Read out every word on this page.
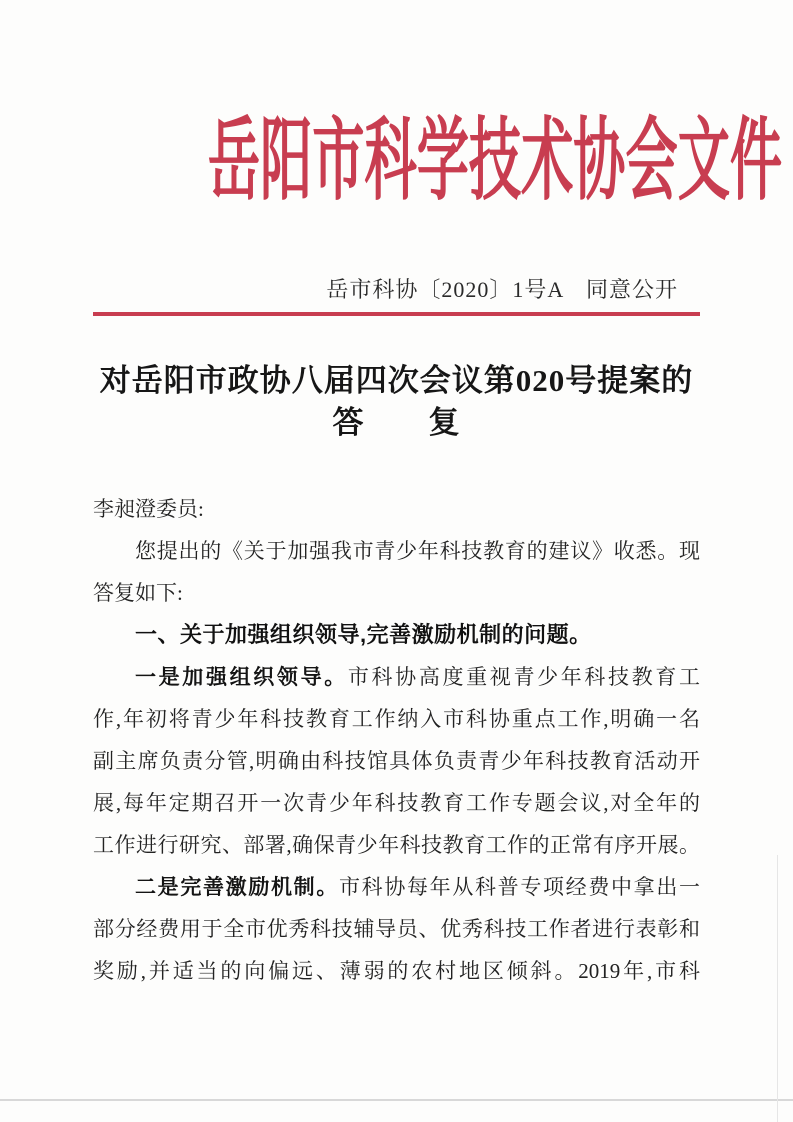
岳阳市科学技术协会文件
岳市科协〔2020〕1号A　同意公开
对岳阳市政协八届四次会议第020号提案的
答　　复
李昶澄委员:
您提出的《关于加强我市青少年科技教育的建议》收悉。现
答复如下:
一、关于加强组织领导,完善激励机制的问题。
一是加强组织领导。市科协高度重视青少年科技教育工
作,年初将青少年科技教育工作纳入市科协重点工作,明确一名
副主席负责分管,明确由科技馆具体负责青少年科技教育活动开
展,每年定期召开一次青少年科技教育工作专题会议,对全年的
工作进行研究、部署,确保青少年科技教育工作的正常有序开展。
二是完善激励机制。市科协每年从科普专项经费中拿出一
部分经费用于全市优秀科技辅导员、优秀科技工作者进行表彰和
奖励,并适当的向偏远、薄弱的农村地区倾斜。2019年,市科
